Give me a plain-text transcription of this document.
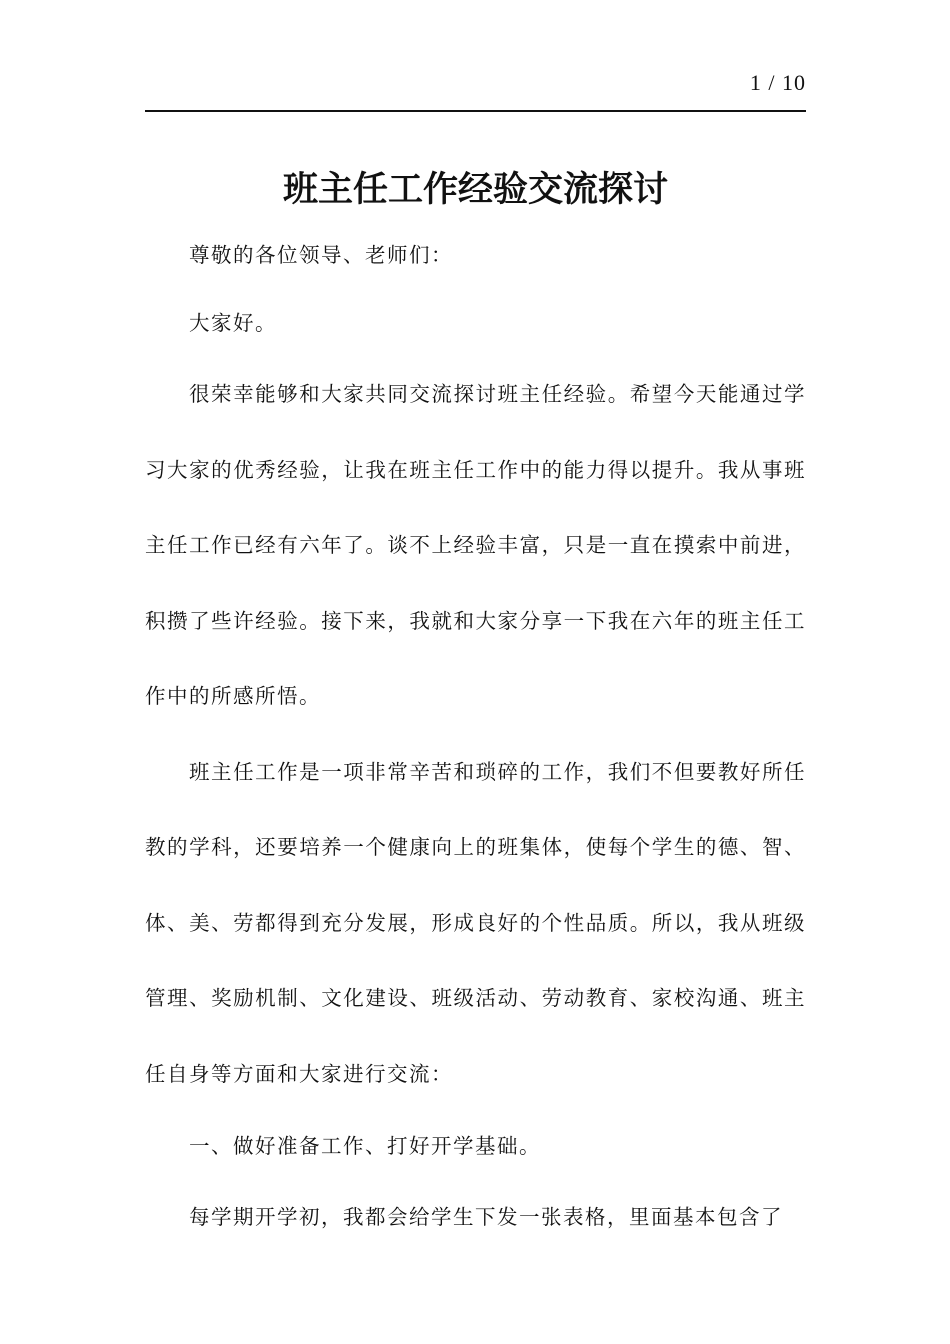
1 / 10
班主任工作经验交流探讨

尊敬的各位领导、老师们：

大家好。

很荣幸能够和大家共同交流探讨班主任经验。希望今天能通过学习大家的优秀经验，让我在班主任工作中的能力得以提升。我从事班主任工作已经有六年了。谈不上经验丰富，只是一直在摸索中前进，积攒了些许经验。接下来，我就和大家分享一下我在六年的班主任工作中的所感所悟。

班主任工作是一项非常辛苦和琐碎的工作，我们不但要教好所任教的学科，还要培养一个健康向上的班集体，使每个学生的德、智、体、美、劳都得到充分发展，形成良好的个性品质。所以，我从班级管理、奖励机制、文化建设、班级活动、劳动教育、家校沟通、班主任自身等方面和大家进行交流：

一、做好准备工作、打好开学基础。

每学期开学初，我都会给学生下发一张表格，里面基本包含了
